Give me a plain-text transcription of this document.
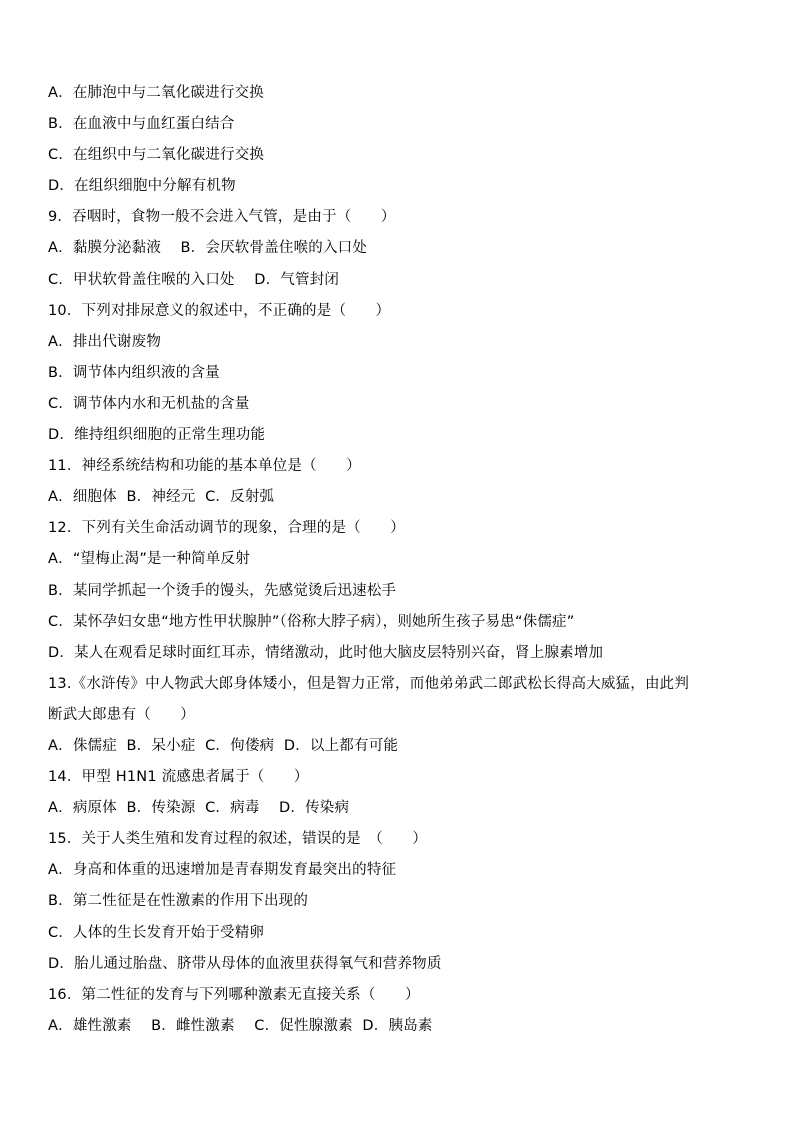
A．在肺泡中与二氧化碳进行交换
B．在血液中与血红蛋白结合
C．在组织中与二氧化碳进行交换
D．在组织细胞中分解有机物
9．吞咽时，食物一般不会进入气管，是由于（　　）
A．黏膜分泌黏液　 B．会厌软骨盖住喉的入口处
C．甲状软骨盖住喉的入口处　 D．气管封闭
10．下列对排尿意义的叙述中，不正确的是（　　）
A．排出代谢废物
B．调节体内组织液的含量
C．调节体内水和无机盐的含量
D．维持组织细胞的正常生理功能
11．神经系统结构和功能的基本单位是（　　）
A．细胞体  B．神经元  C．反射弧
12．下列有关生命活动调节的现象，合理的是（　　）
A．“望梅止渴”是一种简单反射
B．某同学抓起一个烫手的馒头，先感觉烫后迅速松手
C．某怀孕妇女患“地方性甲状腺肿”（俗称大脖子病），则她所生孩子易患“侏儒症”
D．某人在观看足球时面红耳赤，情绪激动，此时他大脑皮层特别兴奋，肾上腺素增加
13.《水浒传》中人物武大郎身体矮小，但是智力正常，而他弟弟武二郎武松长得高大威猛，由此判
断武大郎患有（　　）
A．侏儒症  B．呆小症  C．佝偻病  D．以上都有可能
14．甲型 H1N1 流感患者属于（　　）
A．病原体  B．传染源  C．病毒　 D．传染病
15．关于人类生殖和发育过程的叙述，错误的是　（　　）
A．身高和体重的迅速增加是青春期发育最突出的特征
B．第二性征是在性激素的作用下出现的
C．人体的生长发育开始于受精卵
D．胎儿通过胎盘、脐带从母体的血液里获得氧气和营养物质
16．第二性征的发育与下列哪种激素无直接关系（　　）
A．雄性激素　 B．雌性激素　 C．促性腺激素  D．胰岛素
